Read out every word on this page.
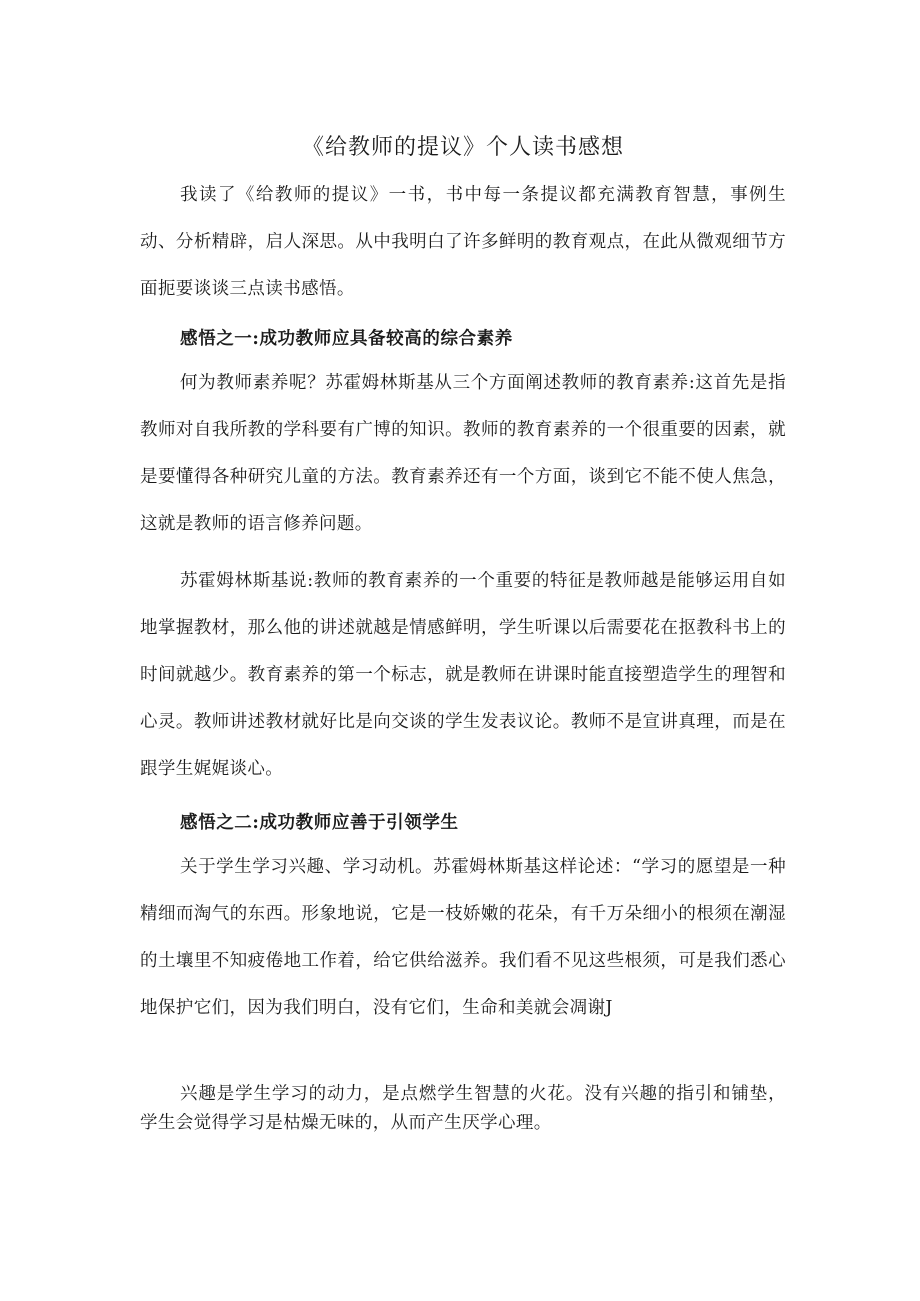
《给教师的提议》个人读书感想

我读了《给教师的提议》一书，书中每一条提议都充满教育智慧，事例生动、分析精辟，启人深思。从中我明白了许多鲜明的教育观点，在此从微观细节方面扼要谈谈三点读书感悟。

感悟之一:成功教师应具备较高的综合素养

何为教师素养呢？苏霍姆林斯基从三个方面阐述教师的教育素养:这首先是指教师对自我所教的学科要有广博的知识。教师的教育素养的一个很重要的因素，就是要懂得各种研究儿童的方法。教育素养还有一个方面，谈到它不能不使人焦急，这就是教师的语言修养问题。

苏霍姆林斯基说:教师的教育素养的一个重要的特征是教师越是能够运用自如地掌握教材，那么他的讲述就越是情感鲜明，学生听课以后需要花在抠教科书上的时间就越少。教育素养的第一个标志，就是教师在讲课时能直接塑造学生的理智和心灵。教师讲述教材就好比是向交谈的学生发表议论。教师不是宣讲真理，而是在跟学生娓娓谈心。

感悟之二:成功教师应善于引领学生

关于学生学习兴趣、学习动机。苏霍姆林斯基这样论述：“学习的愿望是一种精细而淘气的东西。形象地说，它是一枝娇嫩的花朵，有千万朵细小的根须在潮湿的土壤里不知疲倦地工作着，给它供给滋养。我们看不见这些根须，可是我们悉心地保护它们，因为我们明白，没有它们，生命和美就会凋谢J

兴趣是学生学习的动力，是点燃学生智慧的火花。没有兴趣的指引和铺垫，学生会觉得学习是枯燥无味的，从而产生厌学心理。
